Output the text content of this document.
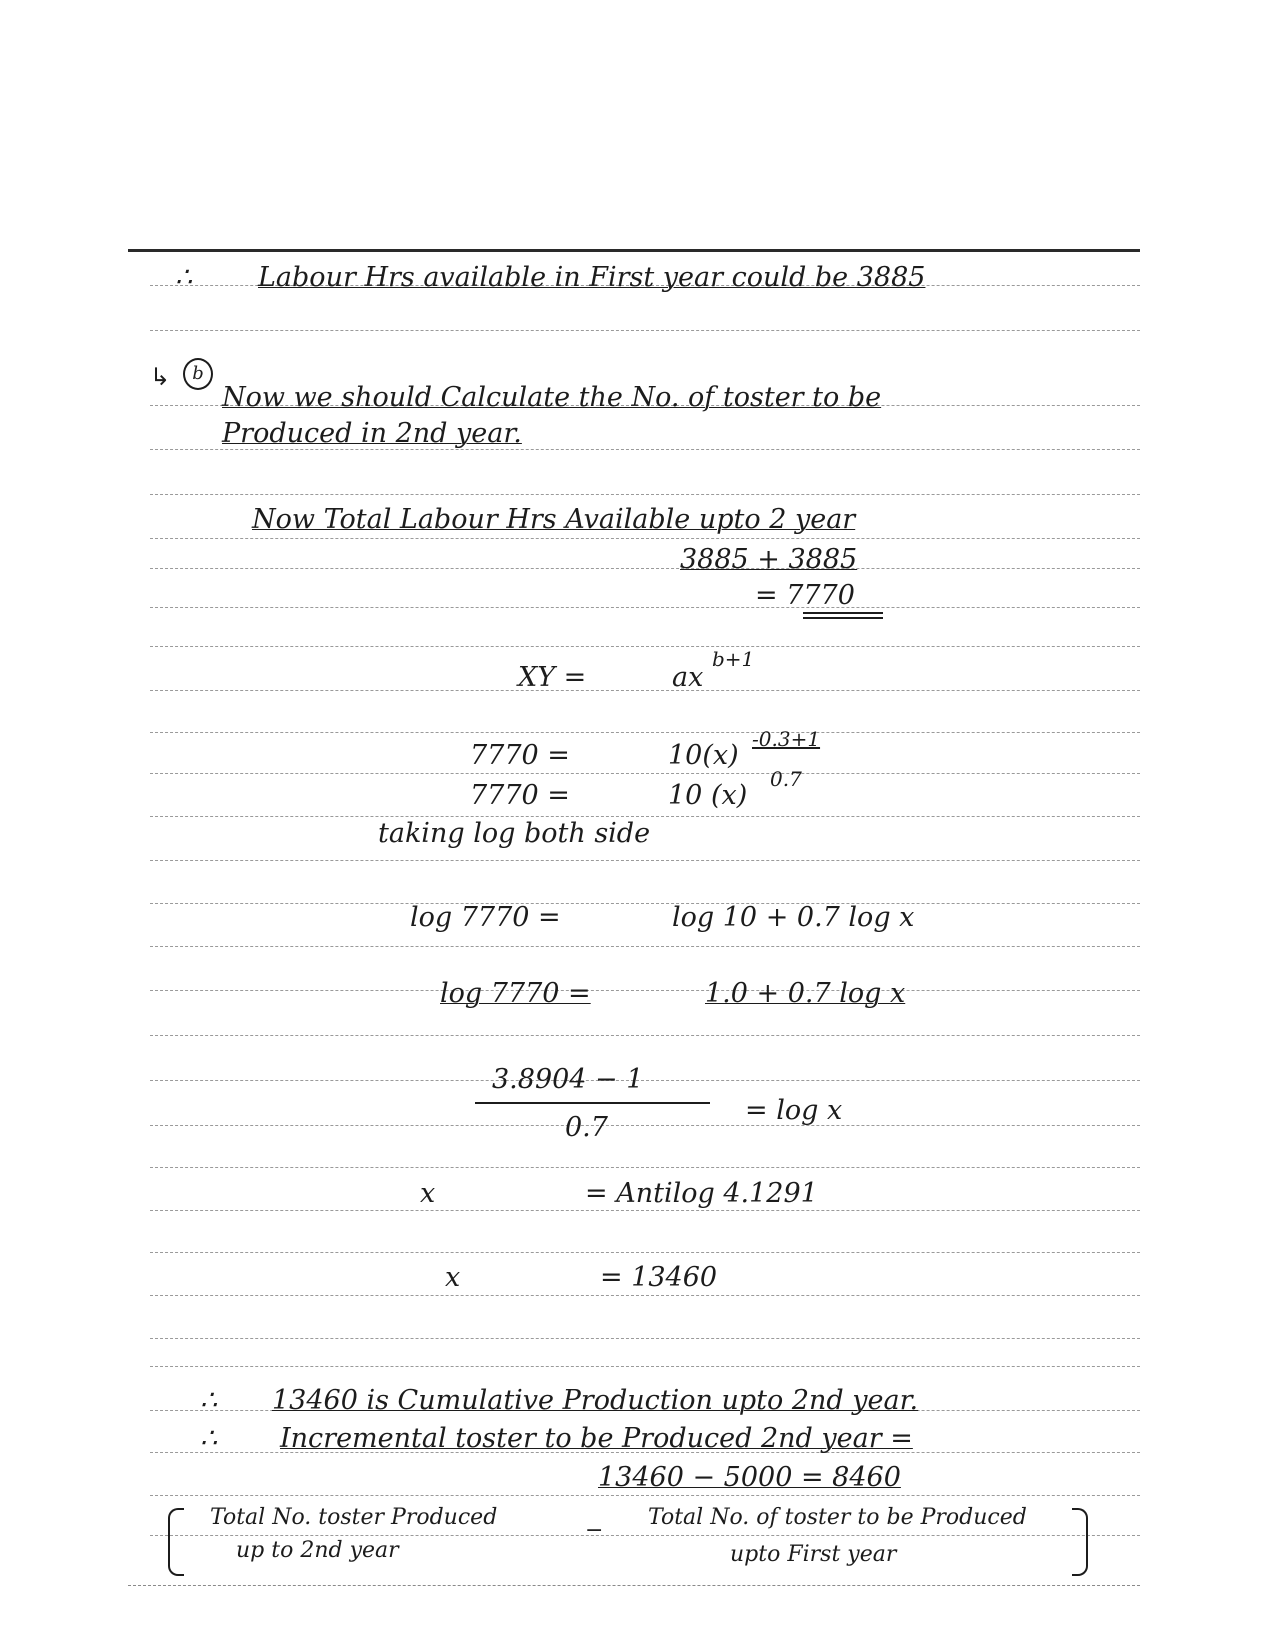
∴ Labour Hrs available in First year could be 3885
↳	b
Now we should Calculate the No. of toster to be
Produced in 2nd year.
Now Total Labour Hrs Available upto 2 year
3885 + 3885
= 7770
XY =	ax
b+1
7770 =	10(x)
-0.3+1
7770 =	10 (x)
0.7
taking log both side
log 7770 =	log 10 + 0.7 log x
log 7770 =	1.0 + 0.7 log x
3.8904 − 1
0.7
= log x
x	= Antilog 4.1291
x	= 13460
∴ 13460 is Cumulative Production upto 2nd year.
∴ Incremental toster to be Produced 2nd year =
13460 − 5000 = 8460
Total No. toster Produced
up to 2nd year
−
Total No. of toster to be Produced
upto First year
